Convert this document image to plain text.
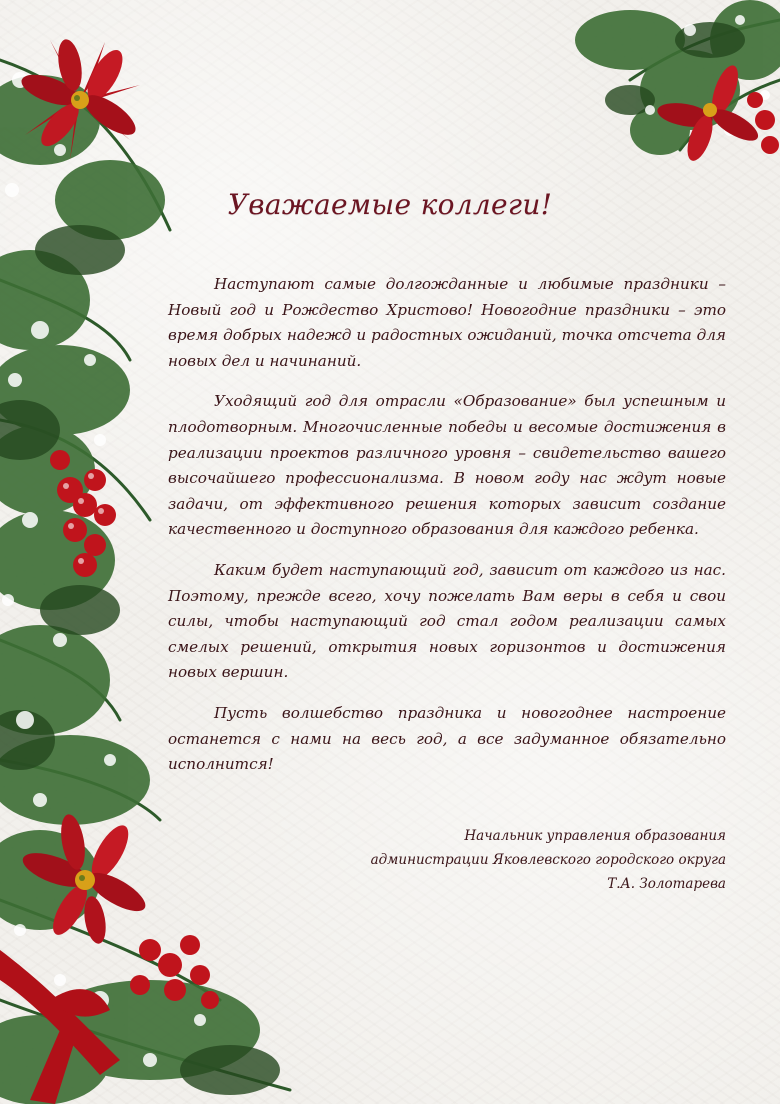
Уважаемые коллеги!

Наступают самые долгожданные и любимые праздники – Новый год и Рождество Христово! Новогодние праздники – это время добрых надежд и радостных ожиданий, точка отсчета для новых дел и начинаний.

Уходящий год для отрасли «Образование» был успешным и плодотворным. Многочисленные победы и весомые достижения в реализации проектов различного уровня – свидетельство вашего высочайшего профессионализма. В новом году нас ждут новые задачи, от эффективного решения которых зависит создание качественного и доступного образования для каждого ребенка.

Каким будет наступающий год, зависит от каждого из нас. Поэтому, прежде всего, хочу пожелать Вам веры в себя и свои силы, чтобы наступающий год стал годом реализации самых смелых решений, открытия новых горизонтов и достижения новых вершин.

Пусть волшебство праздника и новогоднее настроение останется с нами на весь год, а все задуманное обязательно исполнится!

Начальник управления образования
администрации Яковлевского городского округа
Т.А. Золотарева
